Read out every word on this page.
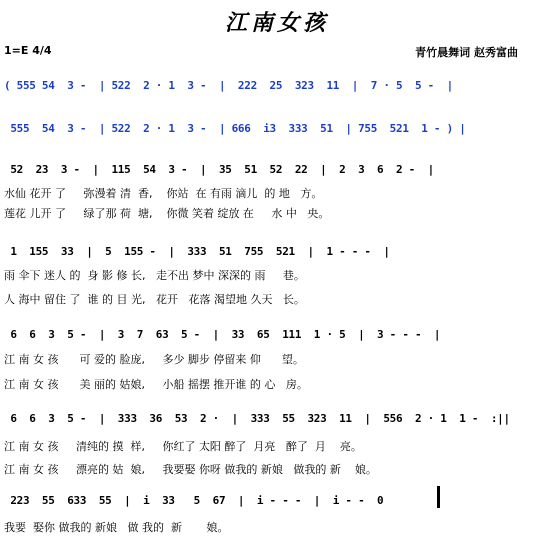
江南女孩
1=E 4/4	青竹晨舞词 赵秀富曲
( 555 54  3 -  | 522  2 · 1  3 -  |  222  25  323  11  |  7 · 5  5 -  |
555  54  3 -  | 522  2 · 1  3 -  | 666  i3  333  51  | 755  521  1 - ) |
52  23  3 -  |  115  54  3 -  |  35  51  52  22  |  2  3  6  2 -  |
水仙 花开 了     弥漫着 清  香,    你站  在 有雨 滴儿  的 地   方。
莲花 儿开 了     绿了那 荷  塘,    你微 笑着 绽放 在     水 中   央。
1  155  33  |  5  155 -  |  333  51  755  521  |  1 - - -  |
雨 伞下 迷人 的  身 影 修 长,   走不出 梦中 深深的 雨     巷。
人 海中 留住 了  谁 的 目 光,   花开   花落 渴望地 久天   长。
6  6  3  5 -  |  3  7  63  5 -  |  33  65  111  1 · 5  |  3 - - -  |
江 南 女 孩      可 爱的 脸庞,     多少 脚步 停留来 仰      望。
江 南 女 孩      美 丽的 姑娘,     小船 摇摆 推开谁 的 心   房。
6  6  3  5 -  |  333  36  53  2 ·  |  333  55  323  11  |  556  2 · 1  1 -  :||
江 南 女 孩     清纯的 摸  样,     你红了 太阳 醉了  月亮   醉了  月    亮。
江 南 女 孩     漂亮的 姑  娘,     我要娶 你呀 做我的 新娘   做我的 新    娘。
223  55  633  55  |  i  33   5  67  |  i - - -  |  i - -  0
我要  娶你 做我的 新娘   做 我的  新       娘。
